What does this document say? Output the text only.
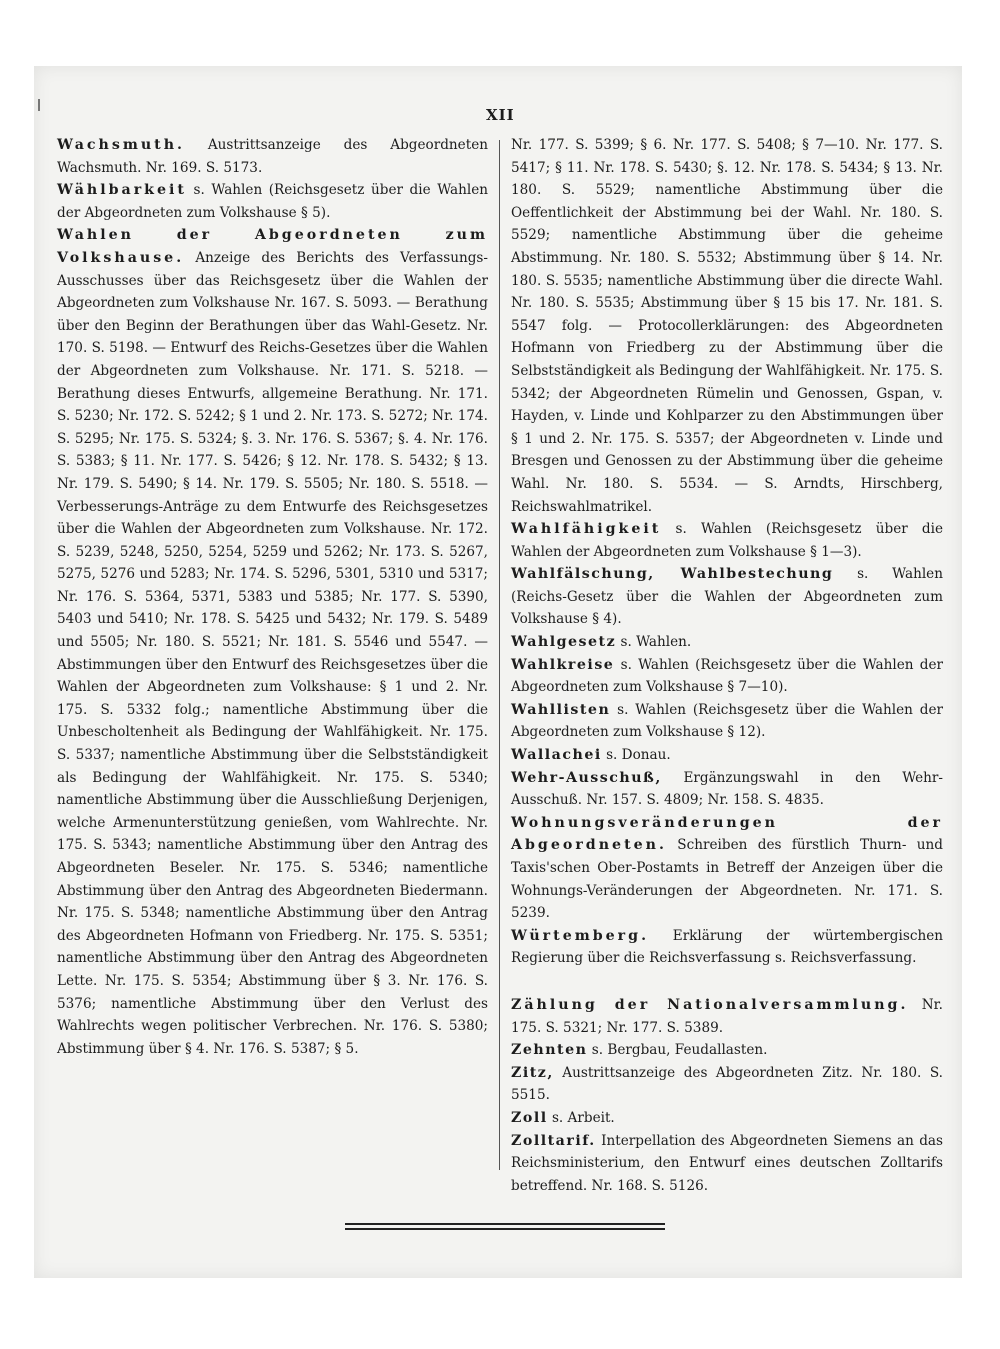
XII

Wachsmuth. Austrittsanzeige des Abgeordneten Wachsmuth. Nr. 169. S. 5173.

Wählbarkeit s. Wahlen (Reichsgesetz über die Wahlen der Abgeordneten zum Volkshause § 5).

Wahlen der Abgeordneten zum Volkshause. Anzeige des Berichts des Verfassungs-Ausschusses über das Reichsgesetz über die Wahlen der Abgeordneten zum Volkshause Nr. 167. S. 5093. — Berathung über den Beginn der Berathungen über das Wahl-Gesetz. Nr. 170. S. 5198. — Entwurf des Reichs-Gesetzes über die Wahlen der Abgeordneten zum Volkshause. Nr. 171. S. 5218. — Berathung dieses Entwurfs, allgemeine Berathung. Nr. 171. S. 5230; Nr. 172. S. 5242; § 1 und 2. Nr. 173. S. 5272; Nr. 174. S. 5295; Nr. 175. S. 5324; §. 3. Nr. 176. S. 5367; §. 4. Nr. 176. S. 5383; § 11. Nr. 177. S. 5426; § 12. Nr. 178. S. 5432; § 13. Nr. 179. S. 5490; § 14. Nr. 179. S. 5505; Nr. 180. S. 5518. — Verbesserungs-Anträge zu dem Entwurfe des Reichsgesetzes über die Wahlen der Abgeordneten zum Volkshause. Nr. 172. S. 5239, 5248, 5250, 5254, 5259 und 5262; Nr. 173. S. 5267, 5275, 5276 und 5283; Nr. 174. S. 5296, 5301, 5310 und 5317; Nr. 176. S. 5364, 5371, 5383 und 5385; Nr. 177. S. 5390, 5403 und 5410; Nr. 178. S. 5425 und 5432; Nr. 179. S. 5489 und 5505; Nr. 180. S. 5521; Nr. 181. S. 5546 und 5547. — Abstimmungen über den Entwurf des Reichsgesetzes über die Wahlen der Abgeordneten zum Volkshause: § 1 und 2. Nr. 175. S. 5332 folg.; namentliche Abstimmung über die Unbescholtenheit als Bedingung der Wahlfähigkeit. Nr. 175. S. 5337; namentliche Abstimmung über die Selbstständigkeit als Bedingung der Wahlfähigkeit. Nr. 175. S. 5340; namentliche Abstimmung über die Ausschließung Derjenigen, welche Armenunterstützung genießen, vom Wahlrechte. Nr. 175. S. 5343; namentliche Abstimmung über den Antrag des Abgeordneten Beseler. Nr. 175. S. 5346; namentliche Abstimmung über den Antrag des Abgeordneten Biedermann. Nr. 175. S. 5348; namentliche Abstimmung über den Antrag des Abgeordneten Hofmann von Friedberg. Nr. 175. S. 5351; namentliche Abstimmung über den Antrag des Abgeordneten Lette. Nr. 175. S. 5354; Abstimmung über § 3. Nr. 176. S. 5376; namentliche Abstimmung über den Verlust des Wahlrechts wegen politischer Verbrechen. Nr. 176. S. 5380; Abstimmung über § 4. Nr. 176. S. 5387; § 5.

Nr. 177. S. 5399; § 6. Nr. 177. S. 5408; § 7—10. Nr. 177. S. 5417; § 11. Nr. 178. S. 5430; §. 12. Nr. 178. S. 5434; § 13. Nr. 180. S. 5529; namentliche Abstimmung über die Oeffentlichkeit der Abstimmung bei der Wahl. Nr. 180. S. 5529; namentliche Abstimmung über die geheime Abstimmung. Nr. 180. S. 5532; Abstimmung über § 14. Nr. 180. S. 5535; namentliche Abstimmung über die directe Wahl. Nr. 180. S. 5535; Abstimmung über § 15 bis 17. Nr. 181. S. 5547 folg. — Protocollerklärungen: des Abgeordneten Hofmann von Friedberg zu der Abstimmung über die Selbstständigkeit als Bedingung der Wahlfähigkeit. Nr. 175. S. 5342; der Abgeordneten Rümelin und Genossen, Gspan, v. Hayden, v. Linde und Kohlparzer zu den Abstimmungen über § 1 und 2. Nr. 175. S. 5357; der Abgeordneten v. Linde und Bresgen und Genossen zu der Abstimmung über die geheime Wahl. Nr. 180. S. 5534. — S. Arndts, Hirschberg, Reichswahlmatrikel.

Wahlfähigkeit s. Wahlen (Reichsgesetz über die Wahlen der Abgeordneten zum Volkshause § 1—3).

Wahlfälschung, Wahlbestechung s. Wahlen (Reichs-Gesetz über die Wahlen der Abgeordneten zum Volkshause § 4).

Wahlgesetz s. Wahlen.

Wahlkreise s. Wahlen (Reichsgesetz über die Wahlen der Abgeordneten zum Volkshause § 7—10).

Wahllisten s. Wahlen (Reichsgesetz über die Wahlen der Abgeordneten zum Volkshause § 12).

Wallachei s. Donau.

Wehr-Ausschuß, Ergänzungswahl in den Wehr-Ausschuß. Nr. 157. S. 4809; Nr. 158. S. 4835.

Wohnungsveränderungen der Abgeordneten. Schreiben des fürstlich Thurn- und Taxis'schen Ober-Postamts in Betreff der Anzeigen über die Wohnungs-Veränderungen der Abgeordneten. Nr. 171. S. 5239.

Würtemberg. Erklärung der würtembergischen Regierung über die Reichsverfassung s. Reichsverfassung.

Zählung der Nationalversammlung. Nr. 175. S. 5321; Nr. 177. S. 5389.

Zehnten s. Bergbau, Feudallasten.

Zitz, Austrittsanzeige des Abgeordneten Zitz. Nr. 180. S. 5515.

Zoll s. Arbeit.

Zolltarif. Interpellation des Abgeordneten Siemens an das Reichsministerium, den Entwurf eines deutschen Zolltarifs betreffend. Nr. 168. S. 5126.
